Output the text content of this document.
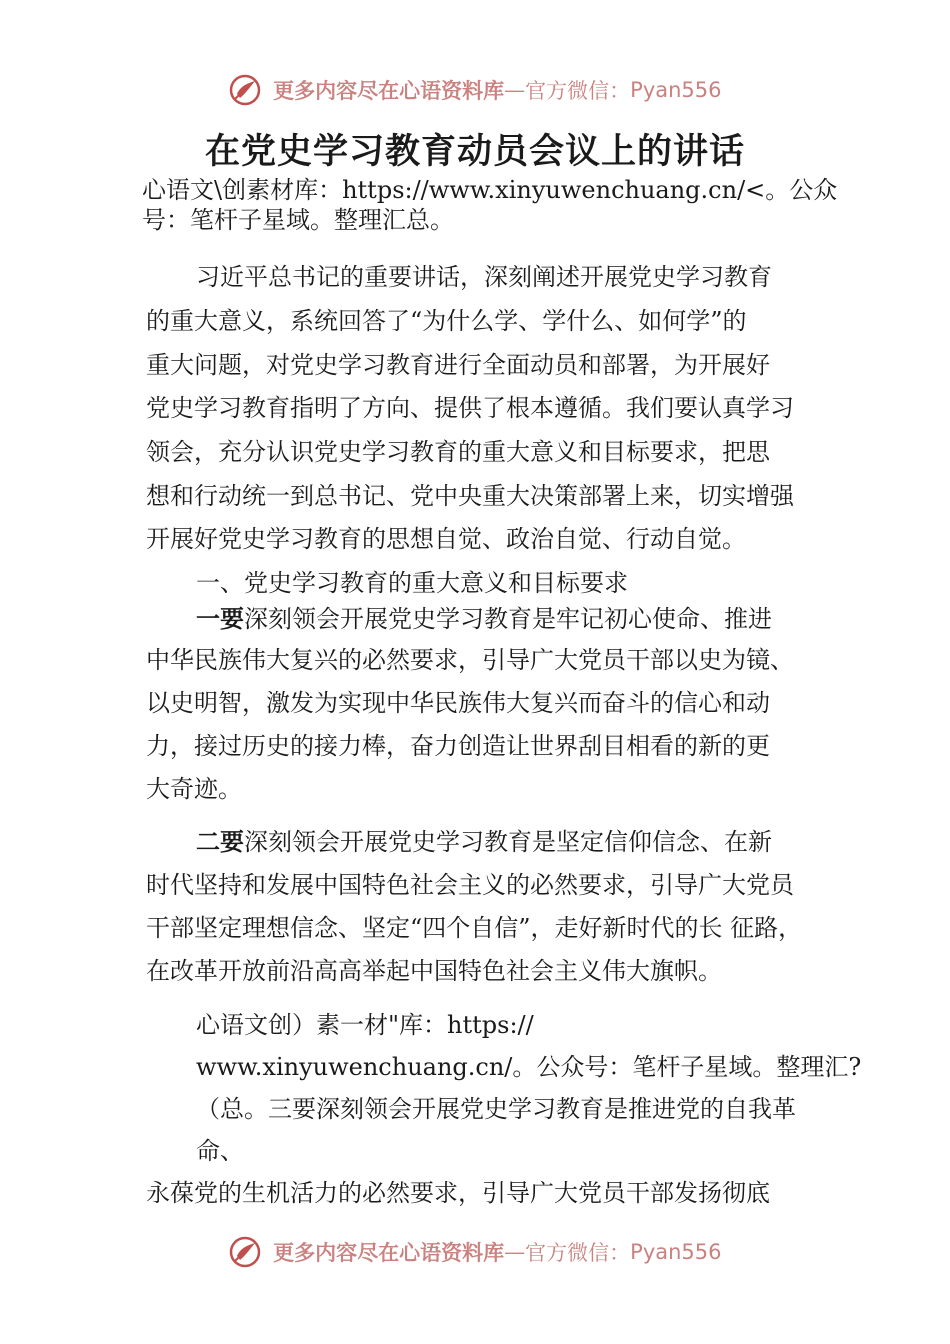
更多内容尽在心语资料库—官方微信：Pyan556
在党史学习教育动员会议上的讲话
心语文\创素材库：https://www.xinyuwenchuang.cn/<。公众
号：笔杆子星域。整理汇总。
习近平总书记的重要讲话，深刻阐述开展党史学习教育
的重大意义，系统回答了“为什么学、学什么、如何学”的
重大问题，对党史学习教育进行全面动员和部署，为开展好
党史学习教育指明了方向、提供了根本遵循。我们要认真学习
领会，充分认识党史学习教育的重大意义和目标要求，把思
想和行动统一到总书记、党中央重大决策部署上来，切实增强
开展好党史学习教育的思想自觉、政治自觉、行动自觉。
一、党史学习教育的重大意义和目标要求
一要深刻领会开展党史学习教育是牢记初心使命、推进
中华民族伟大复兴的必然要求，引导广大党员干部以史为镜、
以史明智，激发为实现中华民族伟大复兴而奋斗的信心和动
力，接过历史的接力棒，奋力创造让世界刮目相看的新的更
大奇迹。
二要深刻领会开展党史学习教育是坚定信仰信念、在新
时代坚持和发展中国特色社会主义的必然要求，引导广大党员
干部坚定理想信念、坚定“四个自信”，走好新时代的长 征路，
在改革开放前沿高高举起中国特色社会主义伟大旗帜。
心语文创）素一材"库：https://
www.xinyuwenchuang.cn/。公众号：笔杆子星域。整理汇?
（总。三要深刻领会开展党史学习教育是推进党的自我革
命、
永葆党的生机活力的必然要求，引导广大党员干部发扬彻底
更多内容尽在心语资料库—官方微信：Pyan556
